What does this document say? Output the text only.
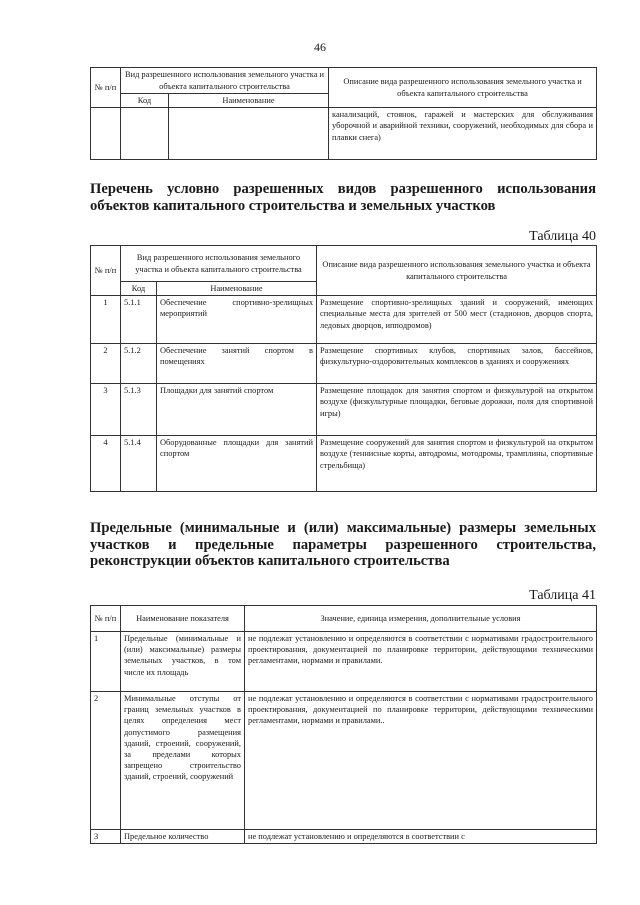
46
№ п/п	Вид разрешенного использования земельного участка и объекта капитального строительства		Описание вида разрешенного использования земельного участка и объекта капитального строительства
	Код	Наименование	
			канализаций, стоянок, гаражей и мастерских для обслуживания уборочной и аварийной техники, сооружений, необходимых для сбора и плавки снега)
Перечень условно разрешенных видов разрешенного использования объектов капитального строительства и земельных участков
Таблица 40
№ п/п	Вид разрешенного использования земельного участка и объекта капитального строительства		Описание вида разрешенного использования земельного участка и объекта капитального строительства
	Код	Наименование	
1	5.1.1	Обеспечение спортивно-зрелищных мероприятий	Размещение спортивно-зрелищных зданий и сооружений, имеющих специальные места для зрителей от 500 мест (стадионов, дворцов спорта, ледовых дворцов, ипподромов)
2	5.1.2	Обеспечение занятий спортом в помещениях	Размещение спортивных клубов, спортивных залов, бассейнов, физкультурно-оздоровительных комплексов в зданиях и сооружениях
3	5.1.3	Площадки для занятий спортом	Размещение площадок для занятия спортом и физкультурой на открытом воздухе (физкультурные площадки, беговые дорожки, поля для спортивной игры)
4	5.1.4	Оборудованные площадки для занятий спортом	Размещение сооружений для занятия спортом и физкультурой на открытом воздухе (теннисные корты, автодромы, мотодромы, трамплины, спортивные стрельбища)
Предельные (минимальные и (или) максимальные) размеры земельных участков и предельные параметры разрешенного строительства, реконструкции объектов капитального строительства
Таблица 41
№ п/п	Наименование показателя	Значение, единица измерения, дополнительные условия
1	Предельные (минимальные и (или) максимальные) размеры земельных участков, в том числе их площадь	не подлежат установлению и определяются в соответствии с нормативами градостроительного проектирования, документацией по планировке территории, действующими техническими регламентами, нормами и правилами.
2	Минимальные отступы от границ земельных участков в целях определения мест допустимого размещения зданий, строений, сооружений, за пределами которых запрещено строительство зданий, строений, сооружений	не подлежат установлению и определяются в соответствии с нормативами градостроительного проектирования, документацией по планировке территории, действующими техническими регламентами, нормами и правилами..
3	Предельное количество	не подлежат установлению и определяются в соответствии с
